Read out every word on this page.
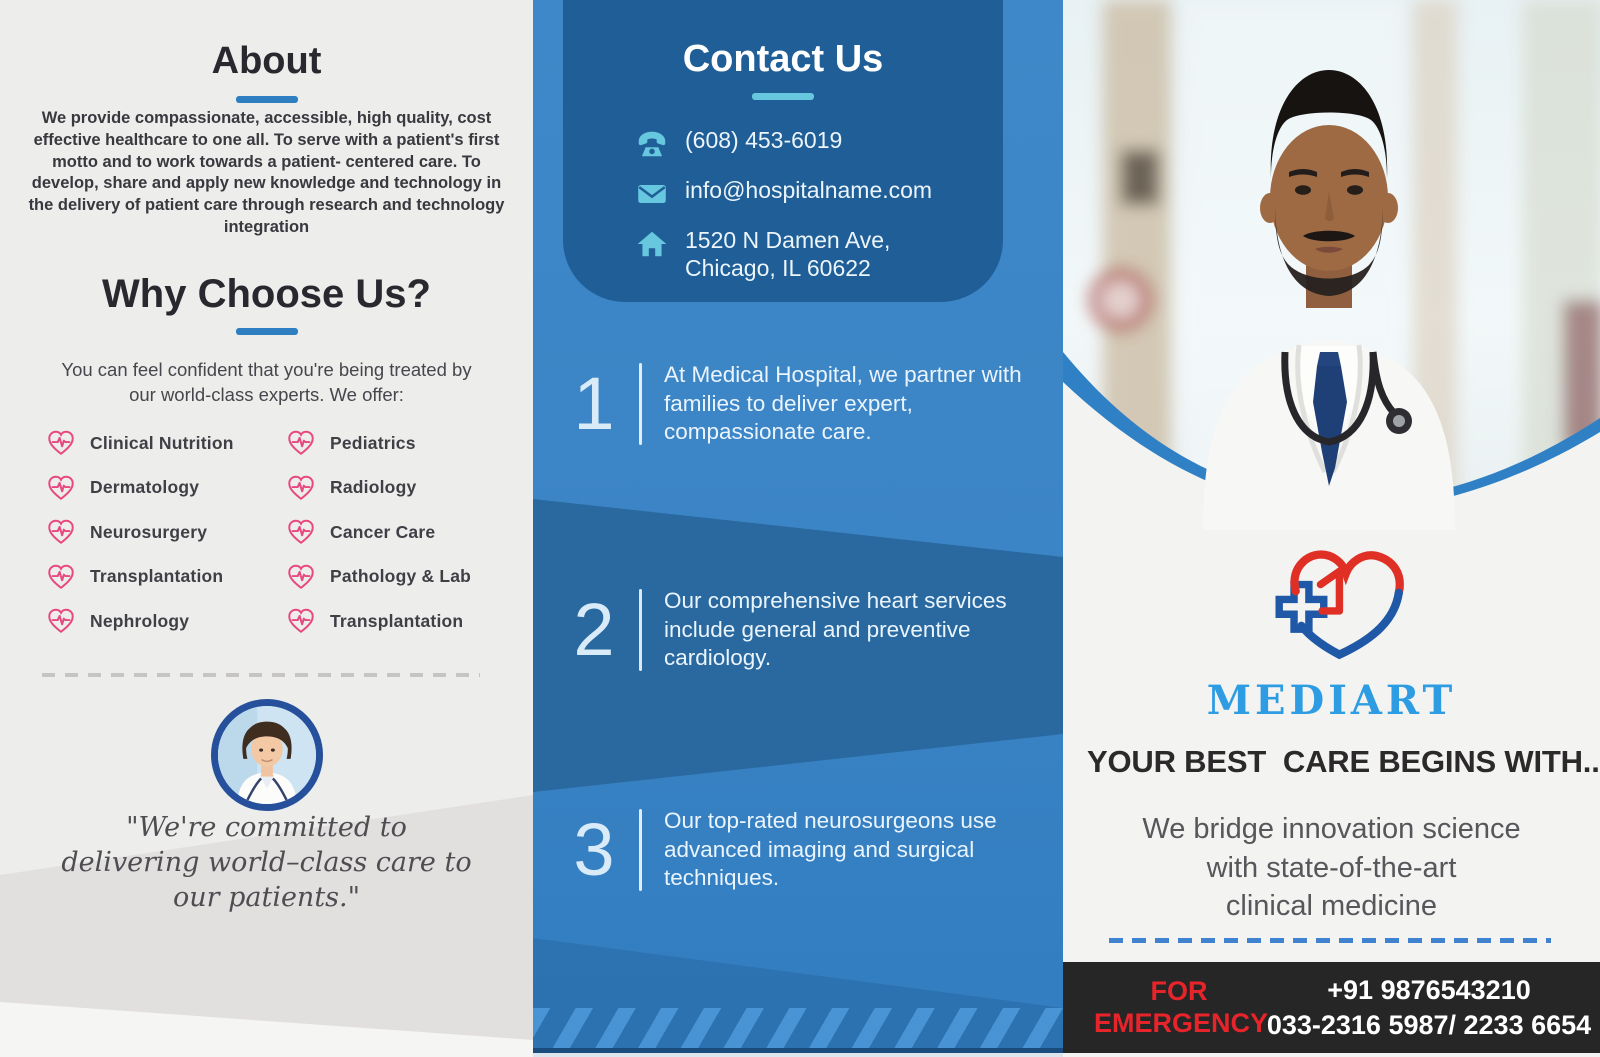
About
We provide compassionate, accessible, high quality, cost effective healthcare to one all. To serve with a patient's first motto and to work towards a patient- centered care. To develop, share and apply new knowledge and technology in the delivery of patient care through research and technology integration
Why Choose Us?
You can feel confident that you're being treated by our world-class experts. We offer:
Clinical Nutrition	Pediatrics
Dermatology	Radiology
Neurosurgery	Cancer Care
Transplantation	Pathology & Lab
Nephrology	Transplantation
"We're committed to
delivering world–class care to
our patients."
Contact Us
(608) 453-6019
info@hospitalname.com
1520 N Damen Ave,
Chicago, IL 60622
1 At Medical Hospital, we partner with families to deliver expert, compassionate care.
2 Our comprehensive heart services include general and preventive cardiology.
3 Our top-rated neurosurgeons use advanced imaging and surgical techniques.
MEDIART
YOUR BEST  CARE BEGINS WITH..
We bridge innovation science
with state-of-the-art
clinical medicine
FOR
EMERGENCY
+91 9876543210
033-2316 5987/ 2233 6654
